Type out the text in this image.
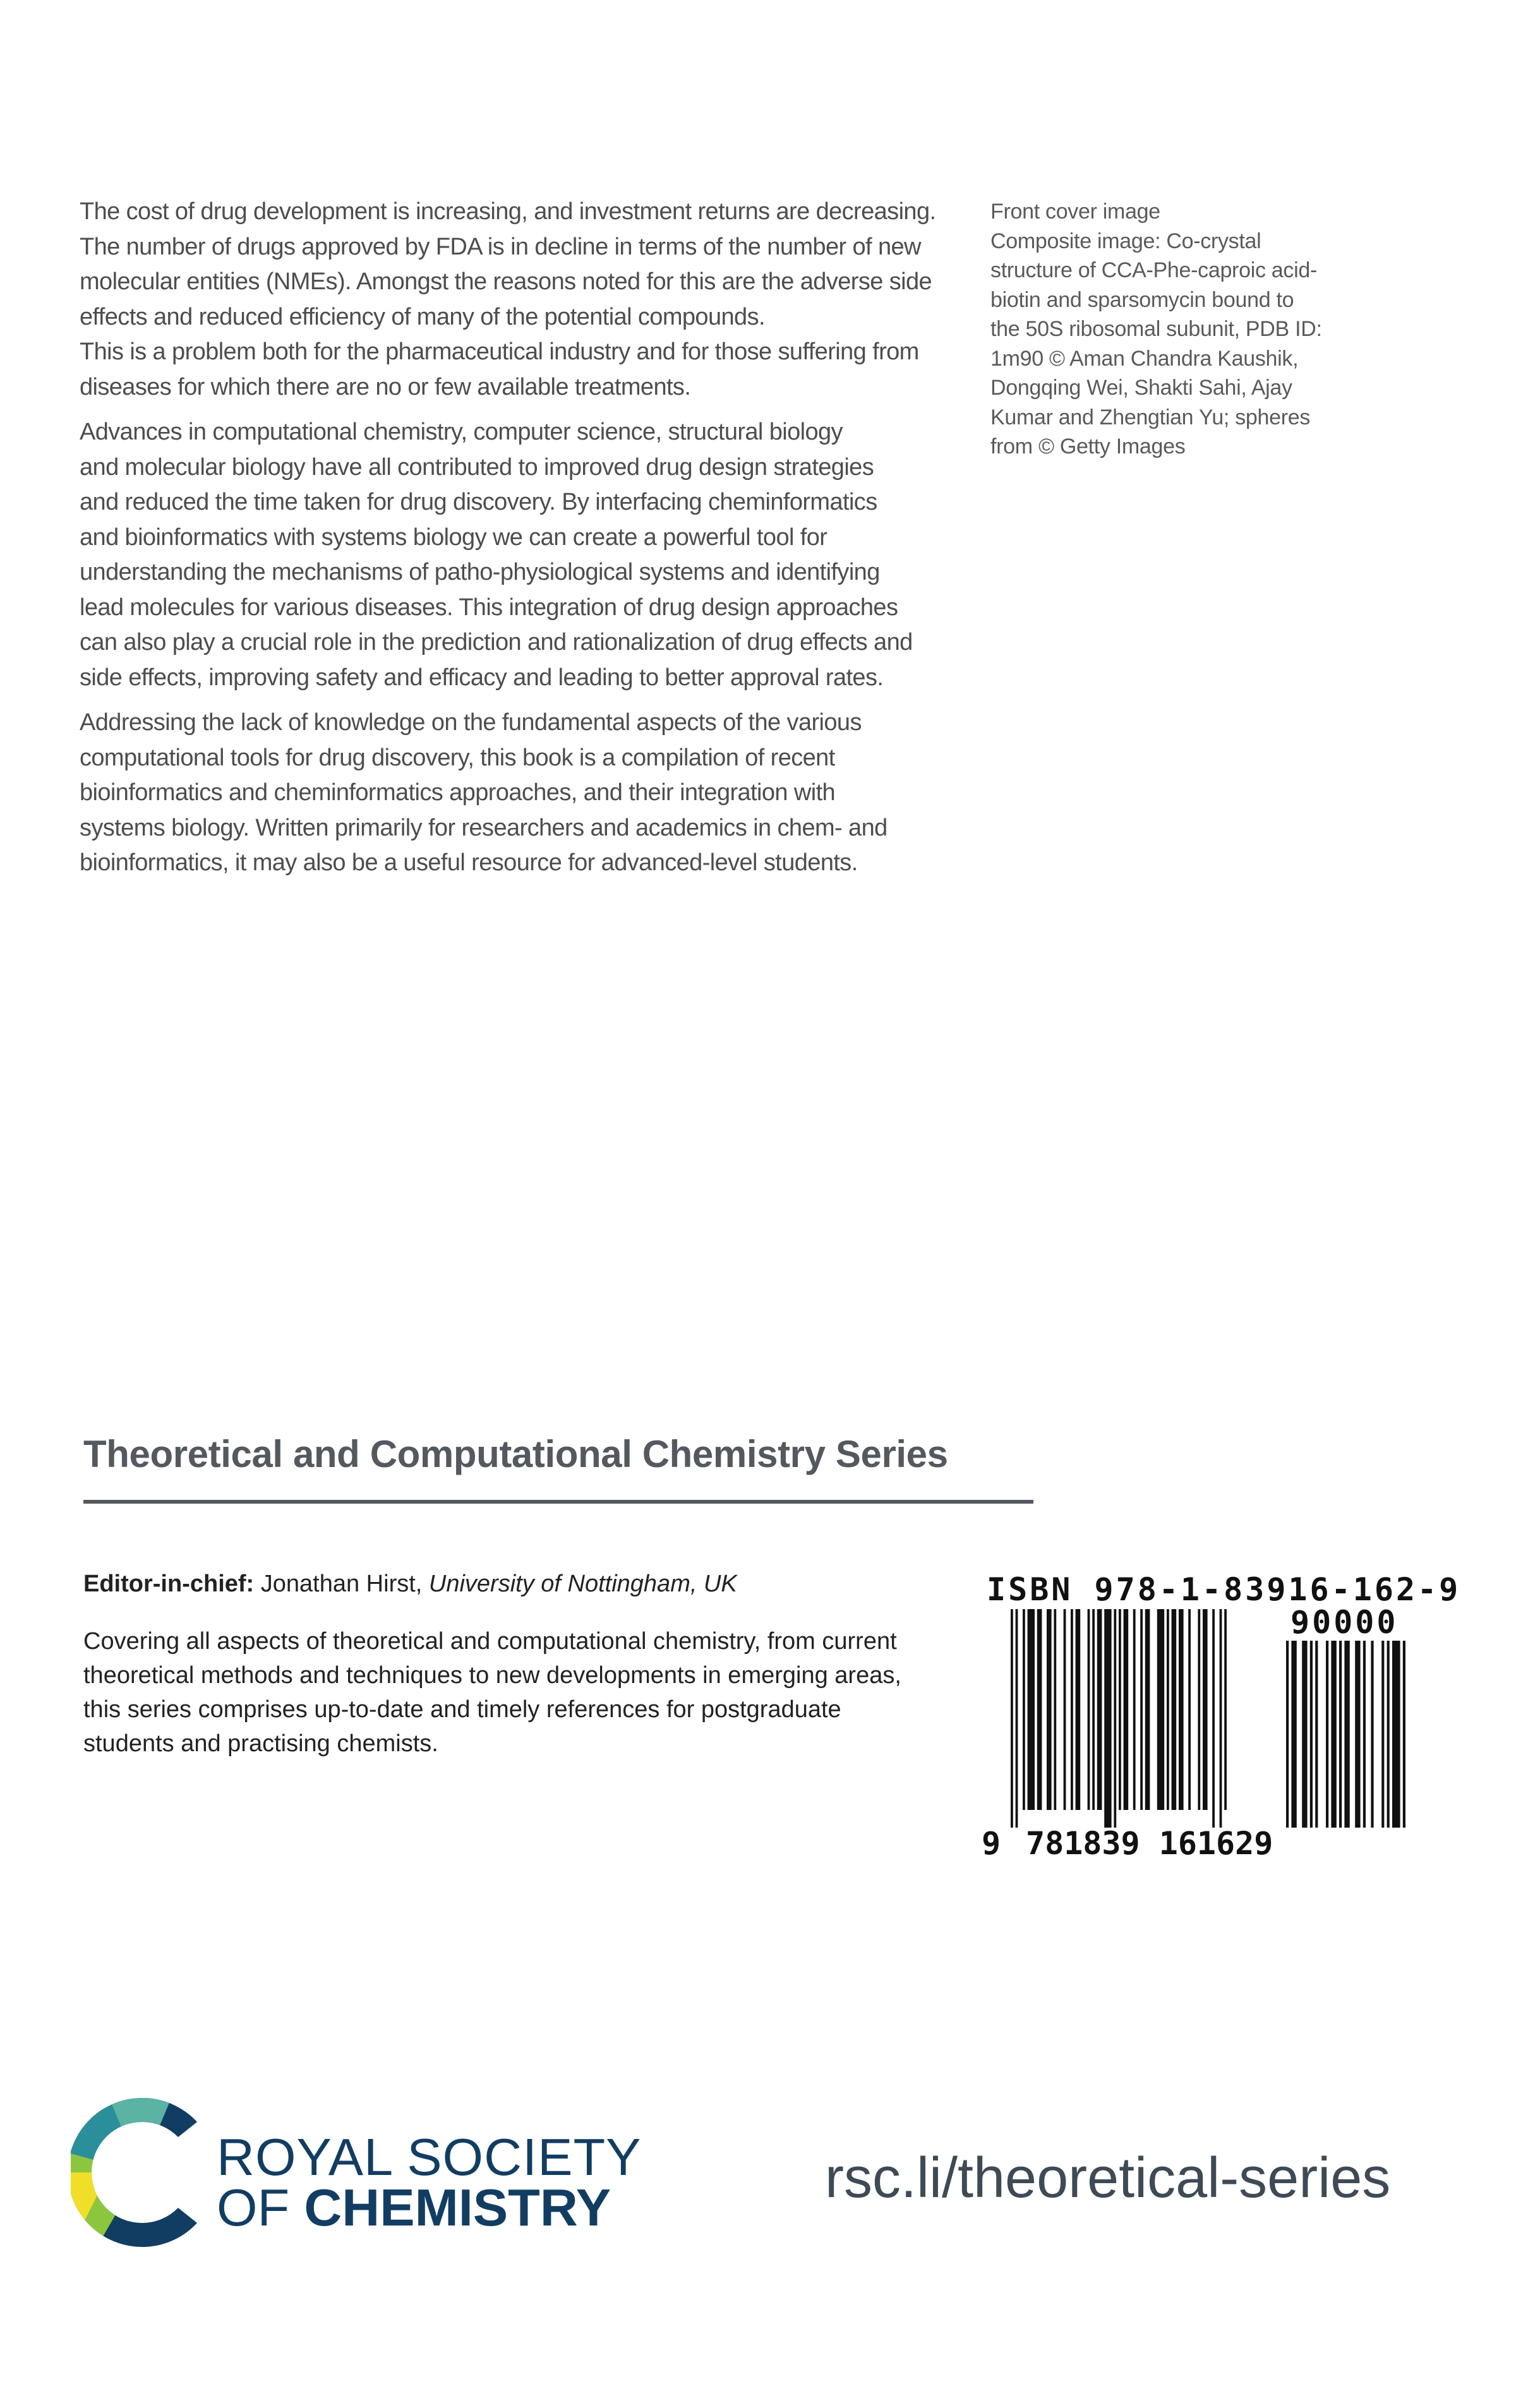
The cost of drug development is increasing, and investment returns are decreasing.
The number of drugs approved by FDA is in decline in terms of the number of new
molecular entities (NMEs). Amongst the reasons noted for this are the adverse side
effects and reduced efficiency of many of the potential compounds.
This is a problem both for the pharmaceutical industry and for those suffering from
diseases for which there are no or few available treatments.

Advances in computational chemistry, computer science, structural biology
and molecular biology have all contributed to improved drug design strategies
and reduced the time taken for drug discovery. By interfacing cheminformatics
and bioinformatics with systems biology we can create a powerful tool for
understanding the mechanisms of patho-physiological systems and identifying
lead molecules for various diseases. This integration of drug design approaches
can also play a crucial role in the prediction and rationalization of drug effects and
side effects, improving safety and efficacy and leading to better approval rates.

Addressing the lack of knowledge on the fundamental aspects of the various
computational tools for drug discovery, this book is a compilation of recent
bioinformatics and cheminformatics approaches, and their integration with
systems biology. Written primarily for researchers and academics in chem- and
bioinformatics, it may also be a useful resource for advanced-level students.

Front cover image
Composite image: Co-crystal
structure of CCA-Phe-caproic acid-
biotin and sparsomycin bound to
the 50S ribosomal subunit, PDB ID:
1m90 © Aman Chandra Kaushik,
Dongqing Wei, Shakti Sahi, Ajay
Kumar and Zhengtian Yu; spheres
from © Getty Images
Theoretical and Computational Chemistry Series
Editor-in-chief: Jonathan Hirst, University of Nottingham, UK
Covering all aspects of theoretical and computational chemistry, from current
theoretical methods and techniques to new developments in emerging areas,
this series comprises up-to-date and timely references for postgraduate
students and practising chemists.
ISBN 978-1-83916-162-9
90000
9 781839 161629
ROYAL SOCIETY
OF CHEMISTRY	rsc.li/theoretical-series
